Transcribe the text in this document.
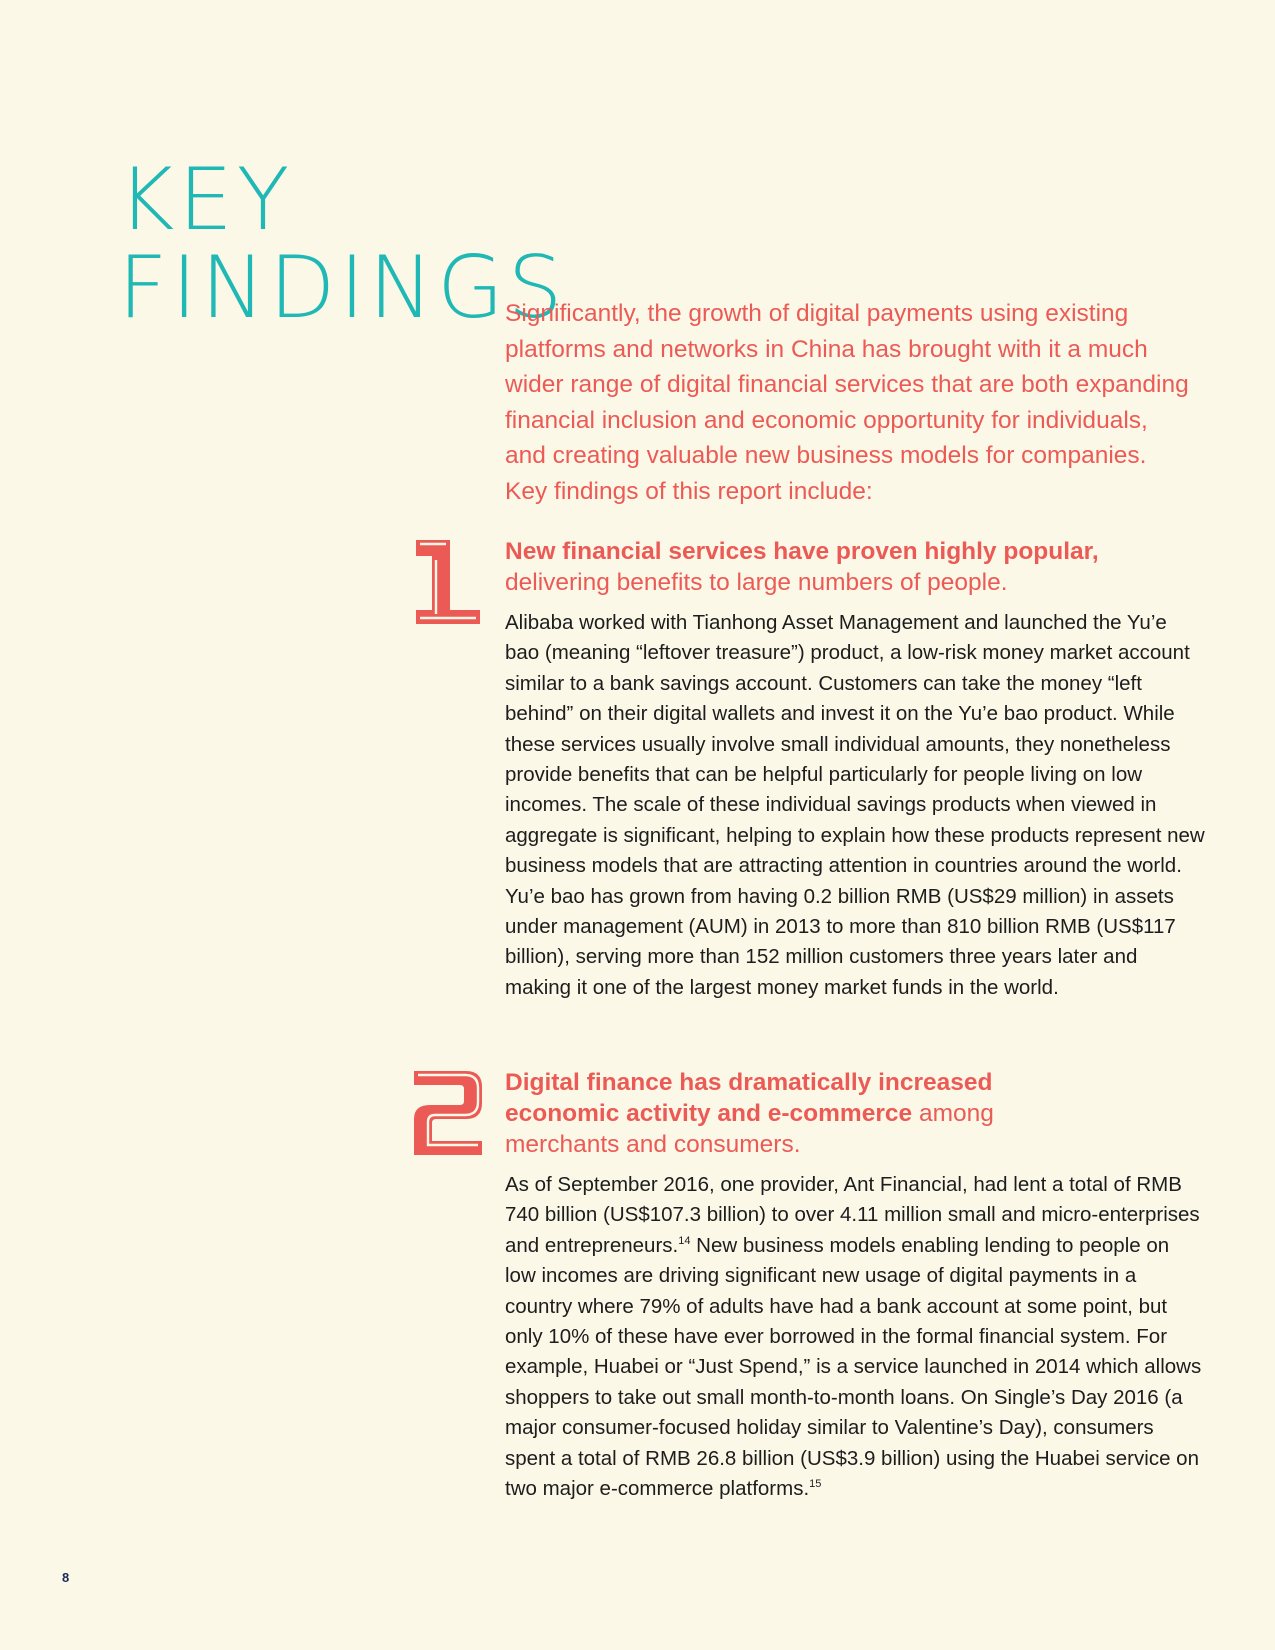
KEY
FINDINGS

Significantly, the growth of digital payments using existing platforms and networks in China has brought with it a much wider range of digital financial services that are both expanding financial inclusion and economic opportunity for individuals, and creating valuable new business models for companies. Key findings of this report include:

New financial services have proven highly popular,
delivering benefits to large numbers of people.

Alibaba worked with Tianhong Asset Management and launched the Yu’e bao (meaning “leftover treasure”) product, a low-risk money market account similar to a bank savings account. Customers can take the money “left behind” on their digital wallets and invest it on the Yu’e bao product. While these services usually involve small individual amounts, they nonetheless provide benefits that can be helpful particularly for people living on low incomes. The scale of these individual savings products when viewed in aggregate is significant, helping to explain how these products represent new business models that are attracting attention in countries around the world. Yu’e bao has grown from having 0.2 billion RMB (US$29 million) in assets under management (AUM) in 2013 to more than 810 billion RMB (US$117 billion), serving more than 152 million customers three years later and making it one of the largest money market funds in the world.

Digital finance has dramatically increased
economic activity and e-commerce among
merchants and consumers.

As of September 2016, one provider, Ant Financial, had lent a total of RMB 740 billion (US$107.3 billion) to over 4.11 million small and micro-enterprises and entrepreneurs.$^{14}$ New business models enabling lending to people on low incomes are driving significant new usage of digital payments in a country where 79% of adults have had a bank account at some point, but only 10% of these have ever borrowed in the formal financial system. For example, Huabei or “Just Spend,” is a service launched in 2014 which allows shoppers to take out small month-to-month loans. On Single’s Day 2016 (a major consumer-focused holiday similar to Valentine’s Day), consumers spent a total of RMB 26.8 billion (US$3.9 billion) using the Huabei service on two major e-commerce platforms.$^{15}$

8
